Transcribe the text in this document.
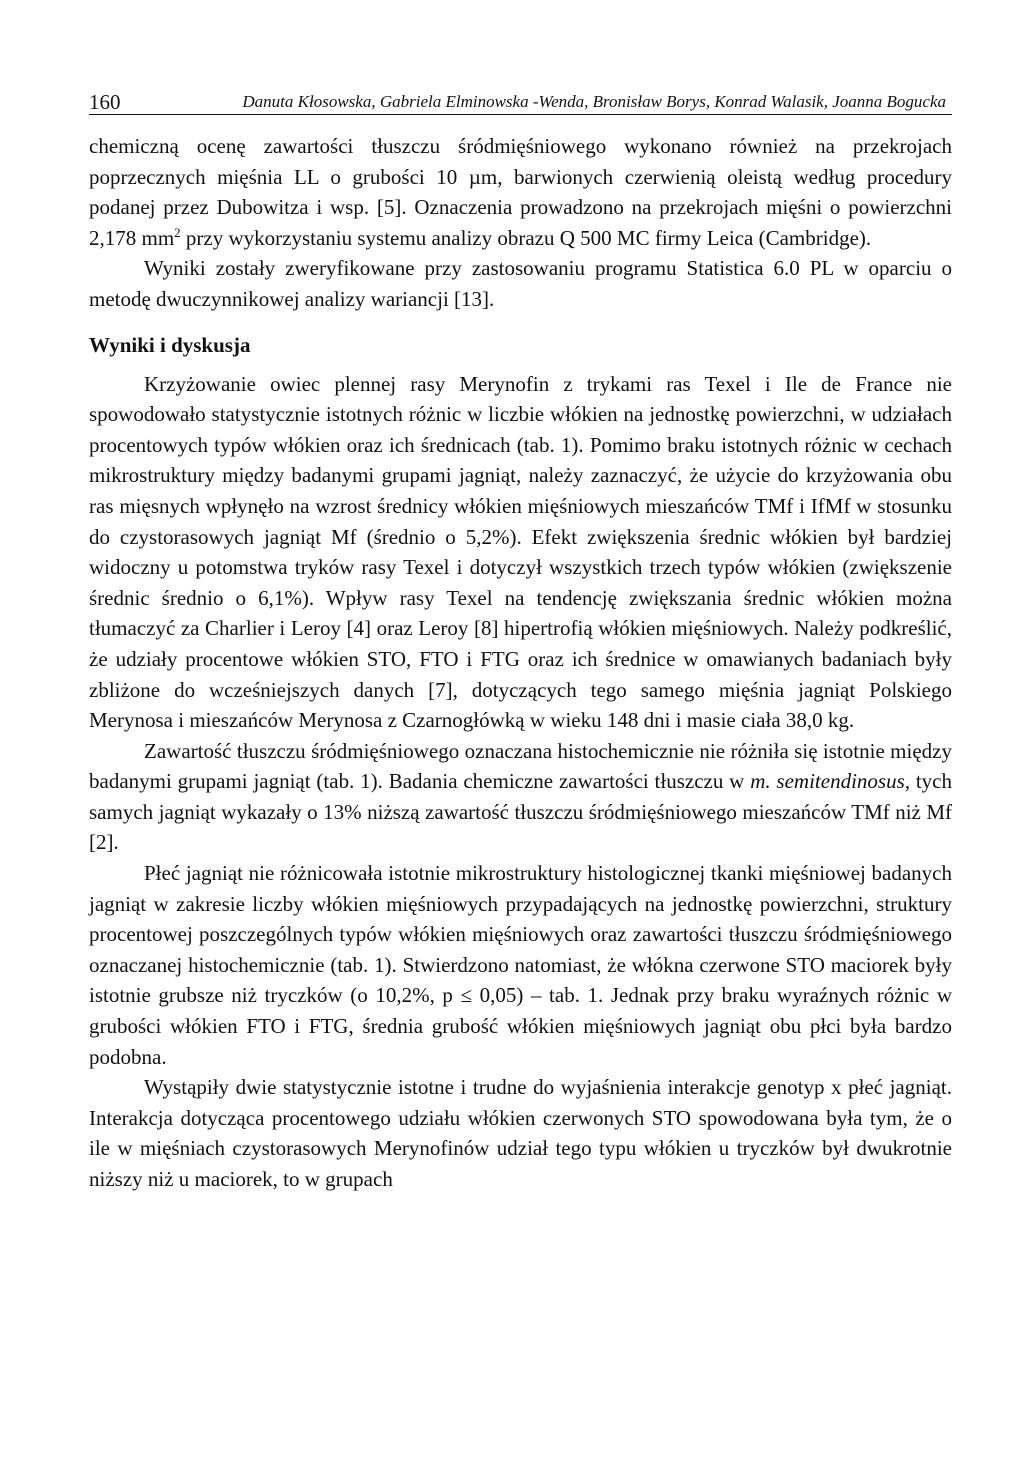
160	Danuta Kłosowska, Gabriela Elminowska -Wenda, Bronisław Borys, Konrad Walasik, Joanna Bogucka

chemiczną ocenę zawartości tłuszczu śródmięśniowego wykonano również na przekrojach poprzecznych mięśnia LL o grubości 10 µm, barwionych czerwienią oleistą według procedury podanej przez Dubowitza i wsp. [5]. Oznaczenia prowadzono na przekrojach mięśni o powierzchni 2,178 $mm^2$ przy wykorzystaniu systemu analizy obrazu Q 500 MC firmy Leica (Cambridge).

Wyniki zostały zweryfikowane przy zastosowaniu programu Statistica 6.0 PL w oparciu o metodę dwuczynnikowej analizy wariancji [13].

Wyniki i dyskusja

Krzyżowanie owiec plennej rasy Merynofin z trykami ras Texel i Ile de France nie spowodowało statystycznie istotnych różnic w liczbie włókien na jednostkę powierzchni, w udziałach procentowych typów włókien oraz ich średnicach (tab. 1). Pomimo braku istotnych różnic w cechach mikrostruktury między badanymi grupami jagniąt, należy zaznaczyć, że użycie do krzyżowania obu ras mięsnych wpłynęło na wzrost średnicy włókien mięśniowych mieszańców TMf i IfMf w stosunku do czystorasowych jagniąt Mf (średnio o 5,2%). Efekt zwiększenia średnic włókien był bardziej widoczny u potomstwa tryków rasy Texel i dotyczył wszystkich trzech typów włókien (zwiększenie średnic średnio o 6,1%). Wpływ rasy Texel na tendencję zwiększania średnic włókien można tłumaczyć za Charlier i Leroy [4] oraz Leroy [8] hipertrofią włókien mięśniowych. Należy podkreślić, że udziały procentowe włókien STO, FTO i FTG oraz ich średnice w omawianych badaniach były zbliżone do wcześniejszych danych [7], dotyczących tego samego mięśnia jagniąt Polskiego Merynosa i mieszańców Merynosa z Czarnogłówką w wieku 148 dni i masie ciała 38,0 kg.

Zawartość tłuszczu śródmięśniowego oznaczana histochemicznie nie różniła się istotnie między badanymi grupami jagniąt (tab. 1). Badania chemiczne zawartości tłuszczu w m. semitendinosus, tych samych jagniąt wykazały o 13% niższą zawartość tłuszczu śródmięśniowego mieszańców TMf niż Mf [2].

Płeć jagniąt nie różnicowała istotnie mikrostruktury histologicznej tkanki mięśniowej badanych jagniąt w zakresie liczby włókien mięśniowych przypadających na jednostkę powierzchni, struktury procentowej poszczególnych typów włókien mięśniowych oraz zawartości tłuszczu śródmięśniowego oznaczanej histochemicznie (tab. 1). Stwierdzono natomiast, że włókna czerwone STO maciorek były istotnie grubsze niż tryczków (o 10,2%, p ≤ 0,05) – tab. 1. Jednak przy braku wyraźnych różnic w grubości włókien FTO i FTG, średnia grubość włókien mięśniowych jagniąt obu płci była bardzo podobna.

Wystąpiły dwie statystycznie istotne i trudne do wyjaśnienia interakcje genotyp x płeć jagniąt. Interakcja dotycząca procentowego udziału włókien czerwonych STO spowodowana była tym, że o ile w mięśniach czystorasowych Merynofinów udział tego typu włókien u tryczków był dwukrotnie niższy niż u maciorek, to w grupach
